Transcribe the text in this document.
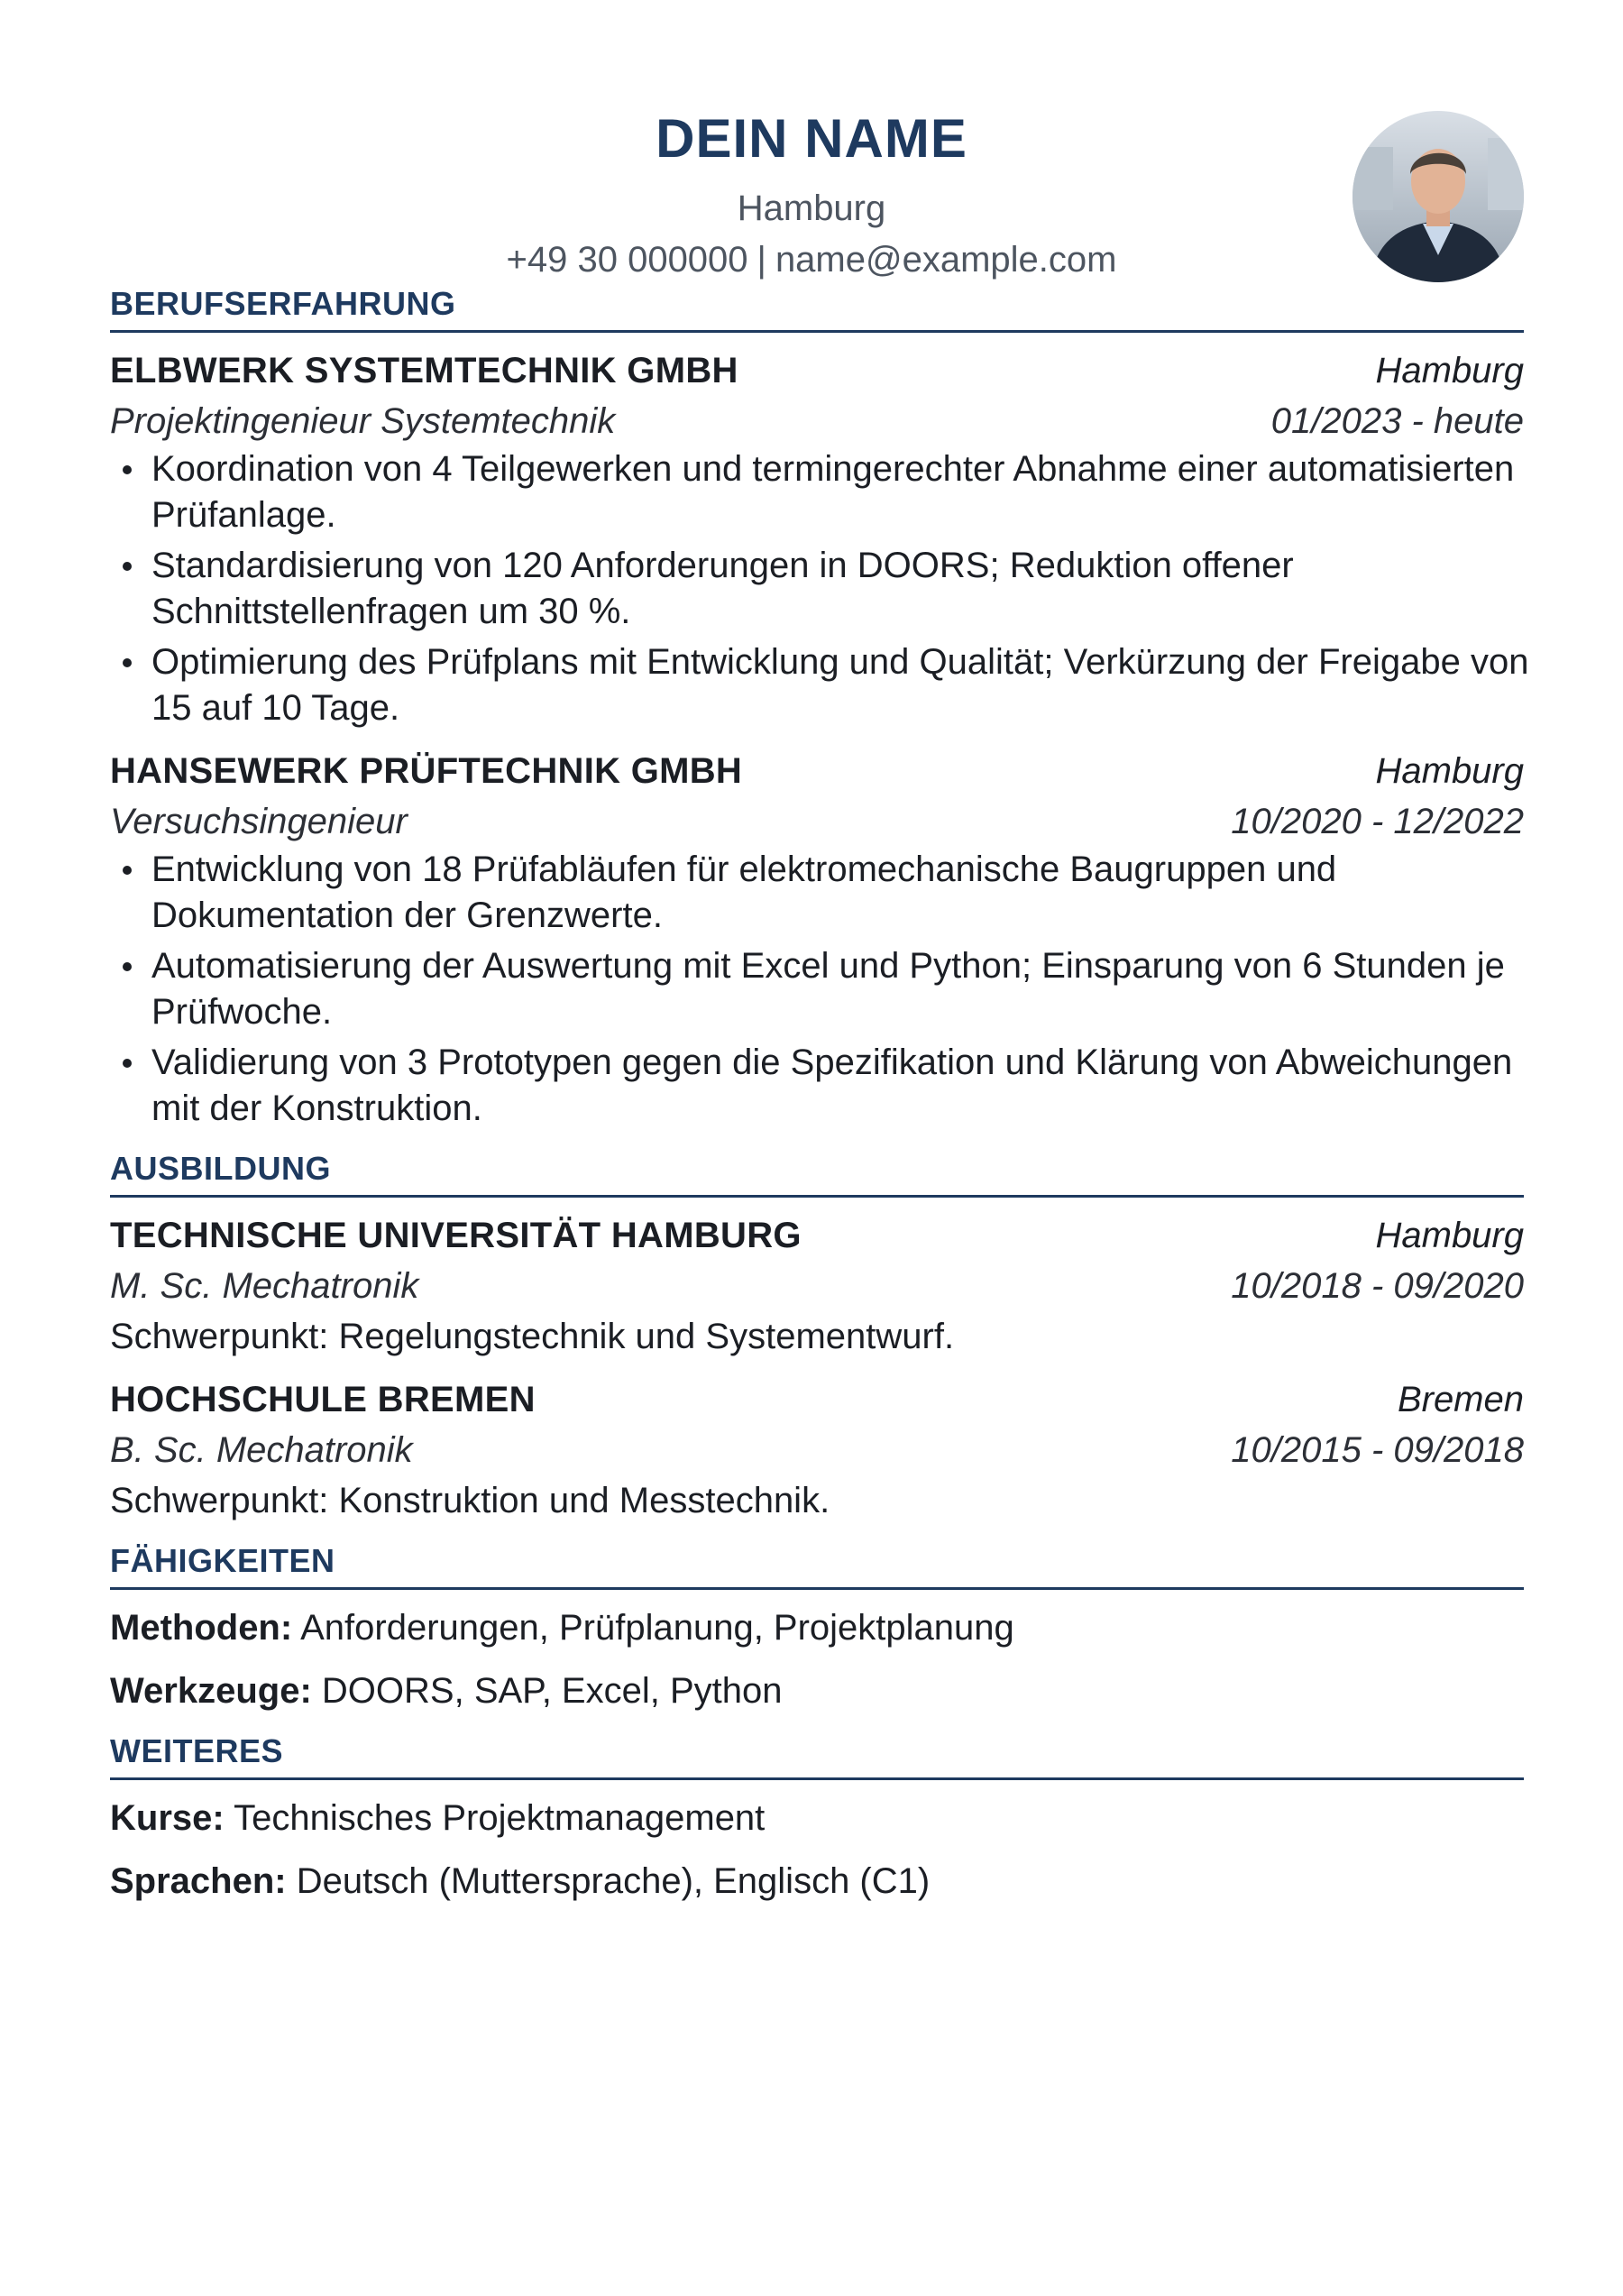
DEIN NAME
Hamburg
+49 30 000000 | name@example.com
BERUFSERFAHRUNG
ELBWERK SYSTEMTECHNIK GMBH	Hamburg
Projektingenieur Systemtechnik	01/2023 - heute
Koordination von 4 Teilgewerken und termingerechter Abnahme einer automatisierten Prüfanlage.
Standardisierung von 120 Anforderungen in DOORS; Reduktion offener Schnittstellenfragen um 30 %.
Optimierung des Prüfplans mit Entwicklung und Qualität; Verkürzung der Freigabe von 15 auf 10 Tage.
HANSEWERK PRÜFTECHNIK GMBH	Hamburg
Versuchsingenieur	10/2020 - 12/2022
Entwicklung von 18 Prüfabläufen für elektromechanische Baugruppen und Dokumentation der Grenzwerte.
Automatisierung der Auswertung mit Excel und Python; Einsparung von 6 Stunden je Prüfwoche.
Validierung von 3 Prototypen gegen die Spezifikation und Klärung von Abweichungen mit der Konstruktion.
AUSBILDUNG
TECHNISCHE UNIVERSITÄT HAMBURG	Hamburg
M. Sc. Mechatronik	10/2018 - 09/2020
Schwerpunkt: Regelungstechnik und Systementwurf.
HOCHSCHULE BREMEN	Bremen
B. Sc. Mechatronik	10/2015 - 09/2018
Schwerpunkt: Konstruktion und Messtechnik.
FÄHIGKEITEN
Methoden: Anforderungen, Prüfplanung, Projektplanung
Werkzeuge: DOORS, SAP, Excel, Python
WEITERES
Kurse: Technisches Projektmanagement
Sprachen: Deutsch (Muttersprache), Englisch (C1)
